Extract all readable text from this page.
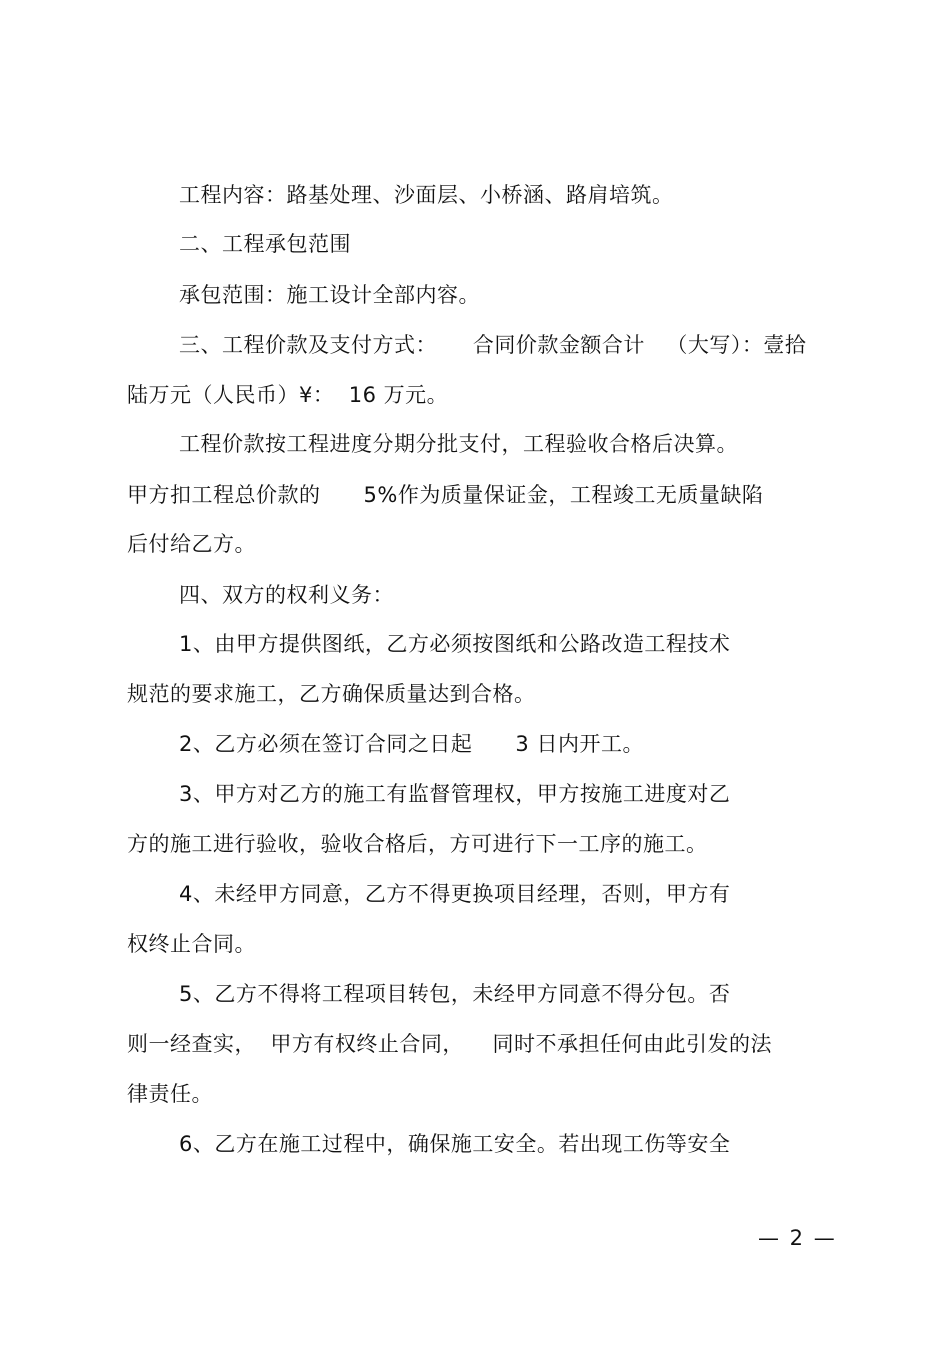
工程内容：路基处理、沙面层、小桥涵、路肩培筑。
二、工程承包范围
承包范围：施工设计全部内容。
三、工程价款及支付方式：     合同价款金额合计   （大写）：壹拾
陆万元（人民币）¥：  16 万元。
工程价款按工程进度分期分批支付，工程验收合格后决算。
甲方扣工程总价款的      5%作为质量保证金，工程竣工无质量缺陷
后付给乙方。
四、双方的权利义务：
1、由甲方提供图纸，乙方必须按图纸和公路改造工程技术
规范的要求施工，乙方确保质量达到合格。
2、乙方必须在签订合同之日起      3 日内开工。
3、甲方对乙方的施工有监督管理权，甲方按施工进度对乙
方的施工进行验收，验收合格后，方可进行下一工序的施工。
4、未经甲方同意，乙方不得更换项目经理，否则，甲方有
权终止合同。
5、乙方不得将工程项目转包，未经甲方同意不得分包。否
则一经查实，  甲方有权终止合同，    同时不承担任何由此引发的法
律责任。
6、乙方在施工过程中，确保施工安全。若出现工伤等安全
— 2 —
